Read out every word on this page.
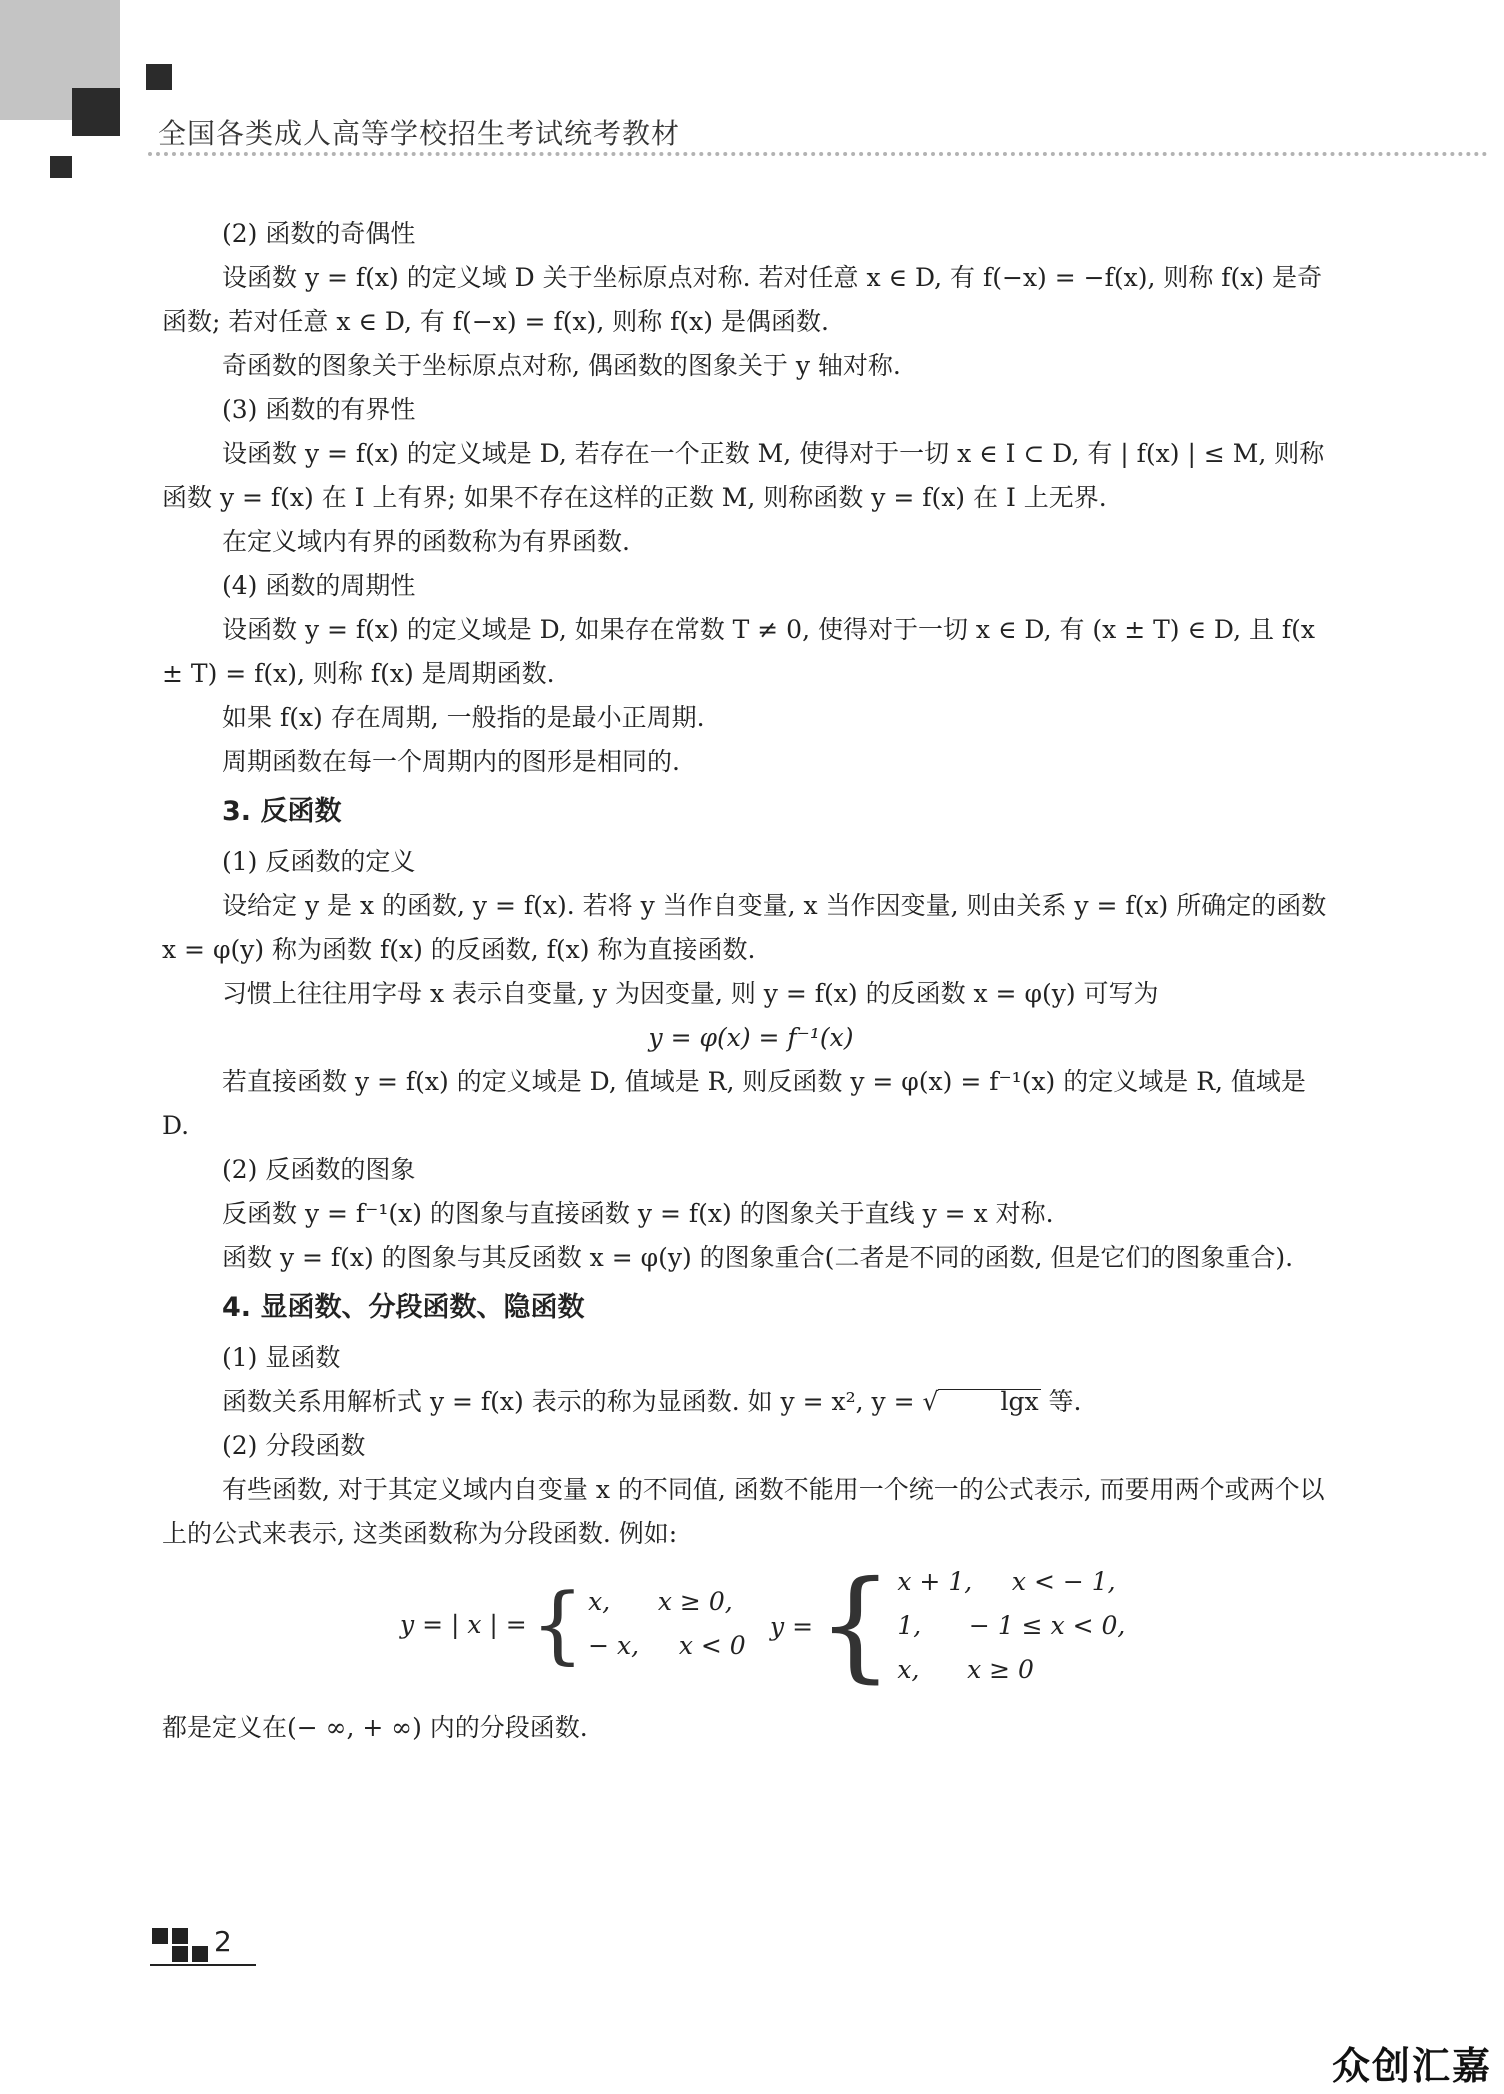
全国各类成人高等学校招生考试统考教材

(2) 函数的奇偶性

设函数 y = f(x) 的定义域 D 关于坐标原点对称. 若对任意 x ∈ D, 有 f(−x) = −f(x), 则称 f(x) 是奇函数; 若对任意 x ∈ D, 有 f(−x) = f(x), 则称 f(x) 是偶函数.

奇函数的图象关于坐标原点对称, 偶函数的图象关于 y 轴对称.

(3) 函数的有界性

设函数 y = f(x) 的定义域是 D, 若存在一个正数 M, 使得对于一切 x ∈ I ⊂ D, 有 | f(x) | ≤ M, 则称函数 y = f(x) 在 I 上有界; 如果不存在这样的正数 M, 则称函数 y = f(x) 在 I 上无界.

在定义域内有界的函数称为有界函数.

(4) 函数的周期性

设函数 y = f(x) 的定义域是 D, 如果存在常数 T ≠ 0, 使得对于一切 x ∈ D, 有 (x ± T) ∈ D, 且 f(x ± T) = f(x), 则称 f(x) 是周期函数.

如果 f(x) 存在周期, 一般指的是最小正周期.

周期函数在每一个周期内的图形是相同的.

3. 反函数

(1) 反函数的定义

设给定 y 是 x 的函数, y = f(x). 若将 y 当作自变量, x 当作因变量, 则由关系 y = f(x) 所确定的函数 x = φ(y) 称为函数 f(x) 的反函数, f(x) 称为直接函数.

习惯上往往用字母 x 表示自变量, y 为因变量, 则 y = f(x) 的反函数 x = φ(y) 可写为

y = φ(x) = f⁻¹(x)

若直接函数 y = f(x) 的定义域是 D, 值域是 R, 则反函数 y = φ(x) = f⁻¹(x) 的定义域是 R, 值域是 D.

(2) 反函数的图象

反函数 y = f⁻¹(x) 的图象与直接函数 y = f(x) 的图象关于直线 y = x 对称.

函数 y = f(x) 的图象与其反函数 x = φ(y) 的图象重合(二者是不同的函数, 但是它们的图象重合).

4. 显函数、分段函数、隐函数

(1) 显函数

函数关系用解析式 y = f(x) 表示的称为显函数. 如 y = x², y = √ lgx 等.

(2) 分段函数

有些函数, 对于其定义域内自变量 x 的不同值, 函数不能用一个统一的公式表示, 而要用两个或两个以上的公式来表示, 这类函数称为分段函数. 例如:

y = | x | = { x,      x ≥ 0,
− x,     x < 0
y = { x + 1,     x < − 1,
1,      − 1 ≤ x < 0,
x,      x ≥ 0

都是定义在(− ∞, + ∞) 内的分段函数.

2
众创汇嘉
